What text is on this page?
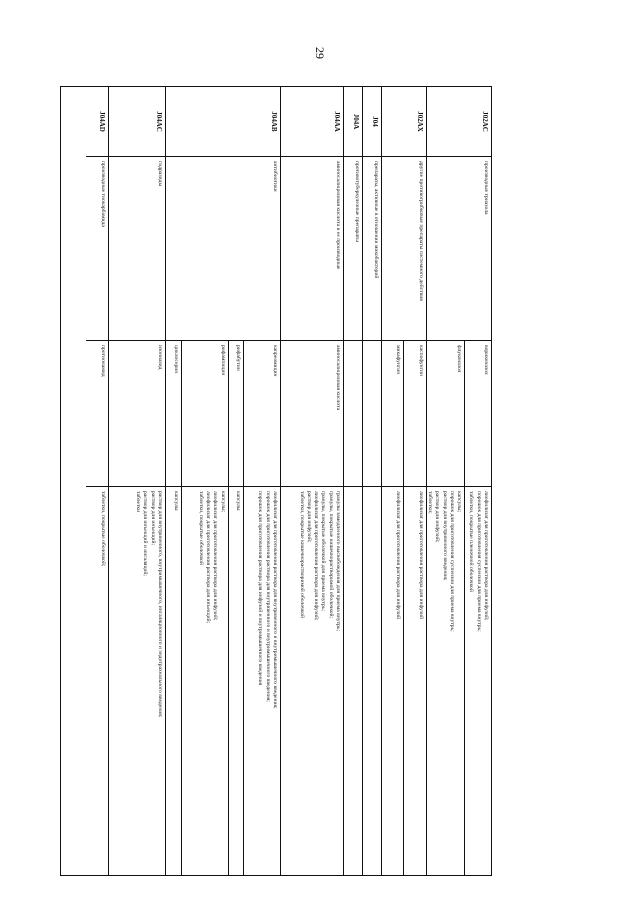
29
J02AC
производные триазола
вориконазол
лиофилизат для приготовления раствора для инфузий;
порошок для приготовления суспензии для приема внутрь;
таблетки, покрытые пленочной оболочкой
флуконазол
капсулы;
порошок для приготовления суспензии для приема внутрь;
раствор для внутривенного введения;
раствор для инфузий;
таблетки;
J02AX
другие противогрибковые препараты системного действия
каспофунгин
лиофилизат для приготовления раствора для инфузий
микафунгин
лиофилизат для приготовления раствора для инфузий
J04
препараты, активные в отношении микобактерий
J04A
противотуберкулезные препараты
J04AA
аминосалициловая кислота и ее производные
аминосалициловая кислота
гранулы замедленного высвобождения для приема внутрь;
гранулы, покрытые кишечнорастворимой оболочкой;
гранулы, покрытые оболочкой для приема внутрь;
лиофилизат для приготовления раствора для инфузий;
раствор для инфузий;
таблетки, покрытые кишечнорастворимой оболочкой
J04AB
антибиотики
капреомицин
лиофилизат для приготовления раствора для внутривенного и внутримышечного введения;
порошок для приготовления раствора для внутривенного и внутримышечного введения;
порошок для приготовления раствора для инфузий и внутримышечного введения
рифабутин
капсулы
рифампицин
капсулы;
лиофилизат для приготовления раствора для инфузий;
лиофилизат для приготовления раствора для инъекций;
таблетки, покрытые оболочкой
циклосерин
капсулы
J04AC
гидразиды
изониазид
раствор для внутривенного, внутримышечного, ингаляционного и эндотрахеального введения;
раствор для инъекций;
раствор для инъекций и ингаляций;
таблетки
J04AD
производные тиокарбамида
протионамид
таблетки, покрытые оболочкой;
